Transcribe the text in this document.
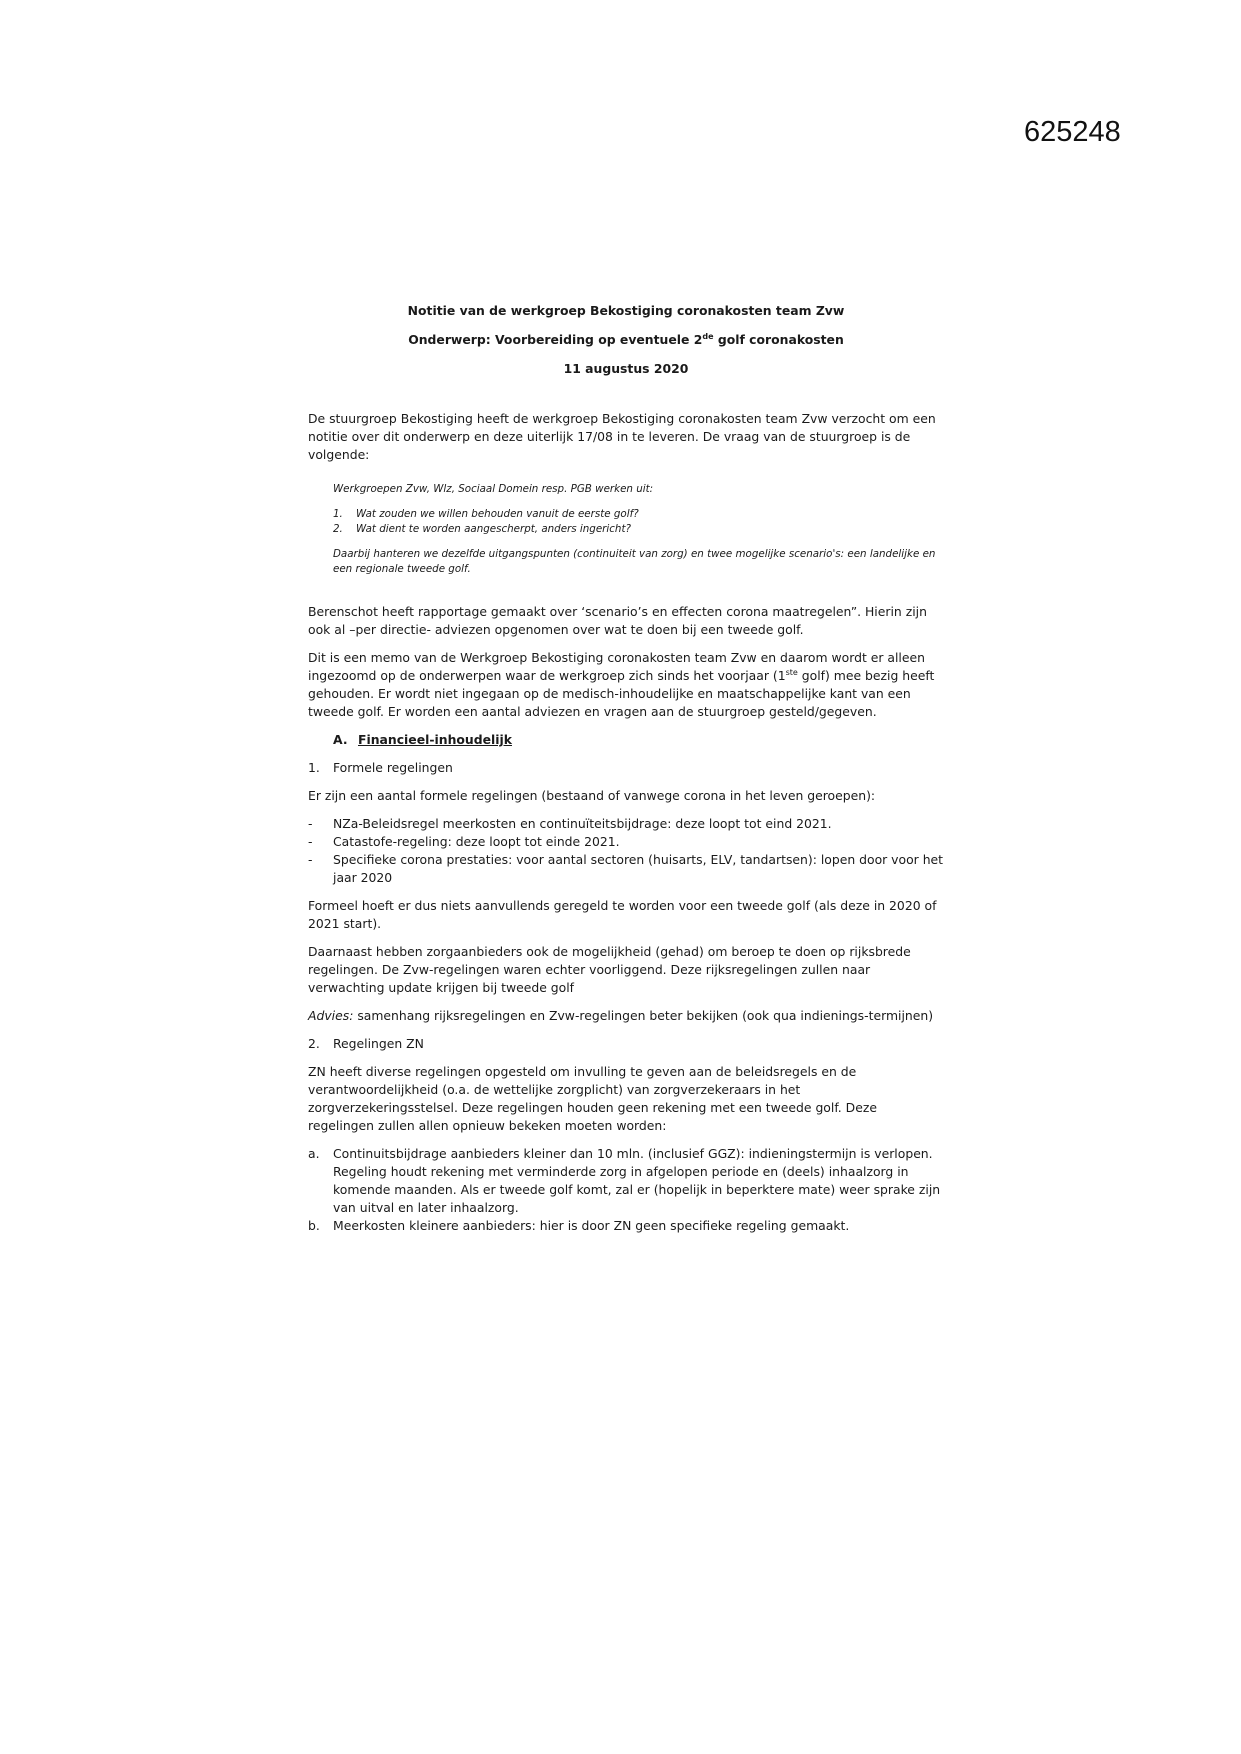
625248
Notitie van de werkgroep Bekostiging coronakosten team Zvw
Onderwerp: Voorbereiding op eventuele 2de golf coronakosten
11 augustus 2020

De stuurgroep Bekostiging heeft de werkgroep Bekostiging coronakosten team Zvw verzocht om een notitie over dit onderwerp en deze uiterlijk 17/08 in te leveren. De vraag van de stuurgroep is de volgende:

Werkgroepen Zvw, Wlz, Sociaal Domein resp. PGB werken uit:

1.	Wat zouden we willen behouden vanuit de eerste golf?
2.	Wat dient te worden aangescherpt, anders ingericht?

Daarbij hanteren we dezelfde uitgangspunten (continuiteit van zorg) en twee mogelijke scenario's: een landelijke en een regionale tweede golf.

Berenschot heeft rapportage gemaakt over ‘scenario’s en effecten corona maatregelen”. Hierin zijn ook al –per directie- adviezen opgenomen over wat te doen bij een tweede golf.

Dit is een memo van de Werkgroep Bekostiging coronakosten team Zvw en daarom wordt er alleen ingezoomd op de onderwerpen waar de werkgroep zich sinds het voorjaar (1ste golf) mee bezig heeft gehouden. Er wordt niet ingegaan op de medisch-inhoudelijke en maatschappelijke kant van een tweede golf. Er worden een aantal adviezen en vragen aan de stuurgroep gesteld/gegeven.

A. Financieel-inhoudelijk
1.	Formele regelingen

Er zijn een aantal formele regelingen (bestaand of vanwege corona in het leven geroepen):

-	NZa-Beleidsregel meerkosten en continuïteitsbijdrage: deze loopt tot eind 2021.
-	Catastofe-regeling: deze loopt tot einde 2021.
-	Specifieke corona prestaties: voor aantal sectoren (huisarts, ELV, tandartsen): lopen door voor het jaar 2020

Formeel hoeft er dus niets aanvullends geregeld te worden voor een tweede golf (als deze in 2020 of 2021 start).

Daarnaast hebben zorgaanbieders ook de mogelijkheid (gehad) om beroep te doen op rijksbrede regelingen. De Zvw-regelingen waren echter voorliggend. Deze rijksregelingen zullen naar verwachting update krijgen bij tweede golf

Advies: samenhang rijksregelingen en Zvw-regelingen beter bekijken (ook qua indienings-termijnen)

2.	Regelingen ZN

ZN heeft diverse regelingen opgesteld om invulling te geven aan de beleidsregels en de verantwoordelijkheid (o.a. de wettelijke zorgplicht) van zorgverzekeraars in het zorgverzekeringsstelsel. Deze regelingen houden geen rekening met een tweede golf. Deze regelingen zullen allen opnieuw bekeken moeten worden:

a.	Continuitsbijdrage aanbieders kleiner dan 10 mln. (inclusief GGZ): indieningstermijn is verlopen. Regeling houdt rekening met verminderde zorg in afgelopen periode en (deels) inhaalzorg in komende maanden. Als er tweede golf komt, zal er (hopelijk in beperktere mate) weer sprake zijn van uitval en later inhaalzorg.
b.	Meerkosten kleinere aanbieders: hier is door ZN geen specifieke regeling gemaakt.
